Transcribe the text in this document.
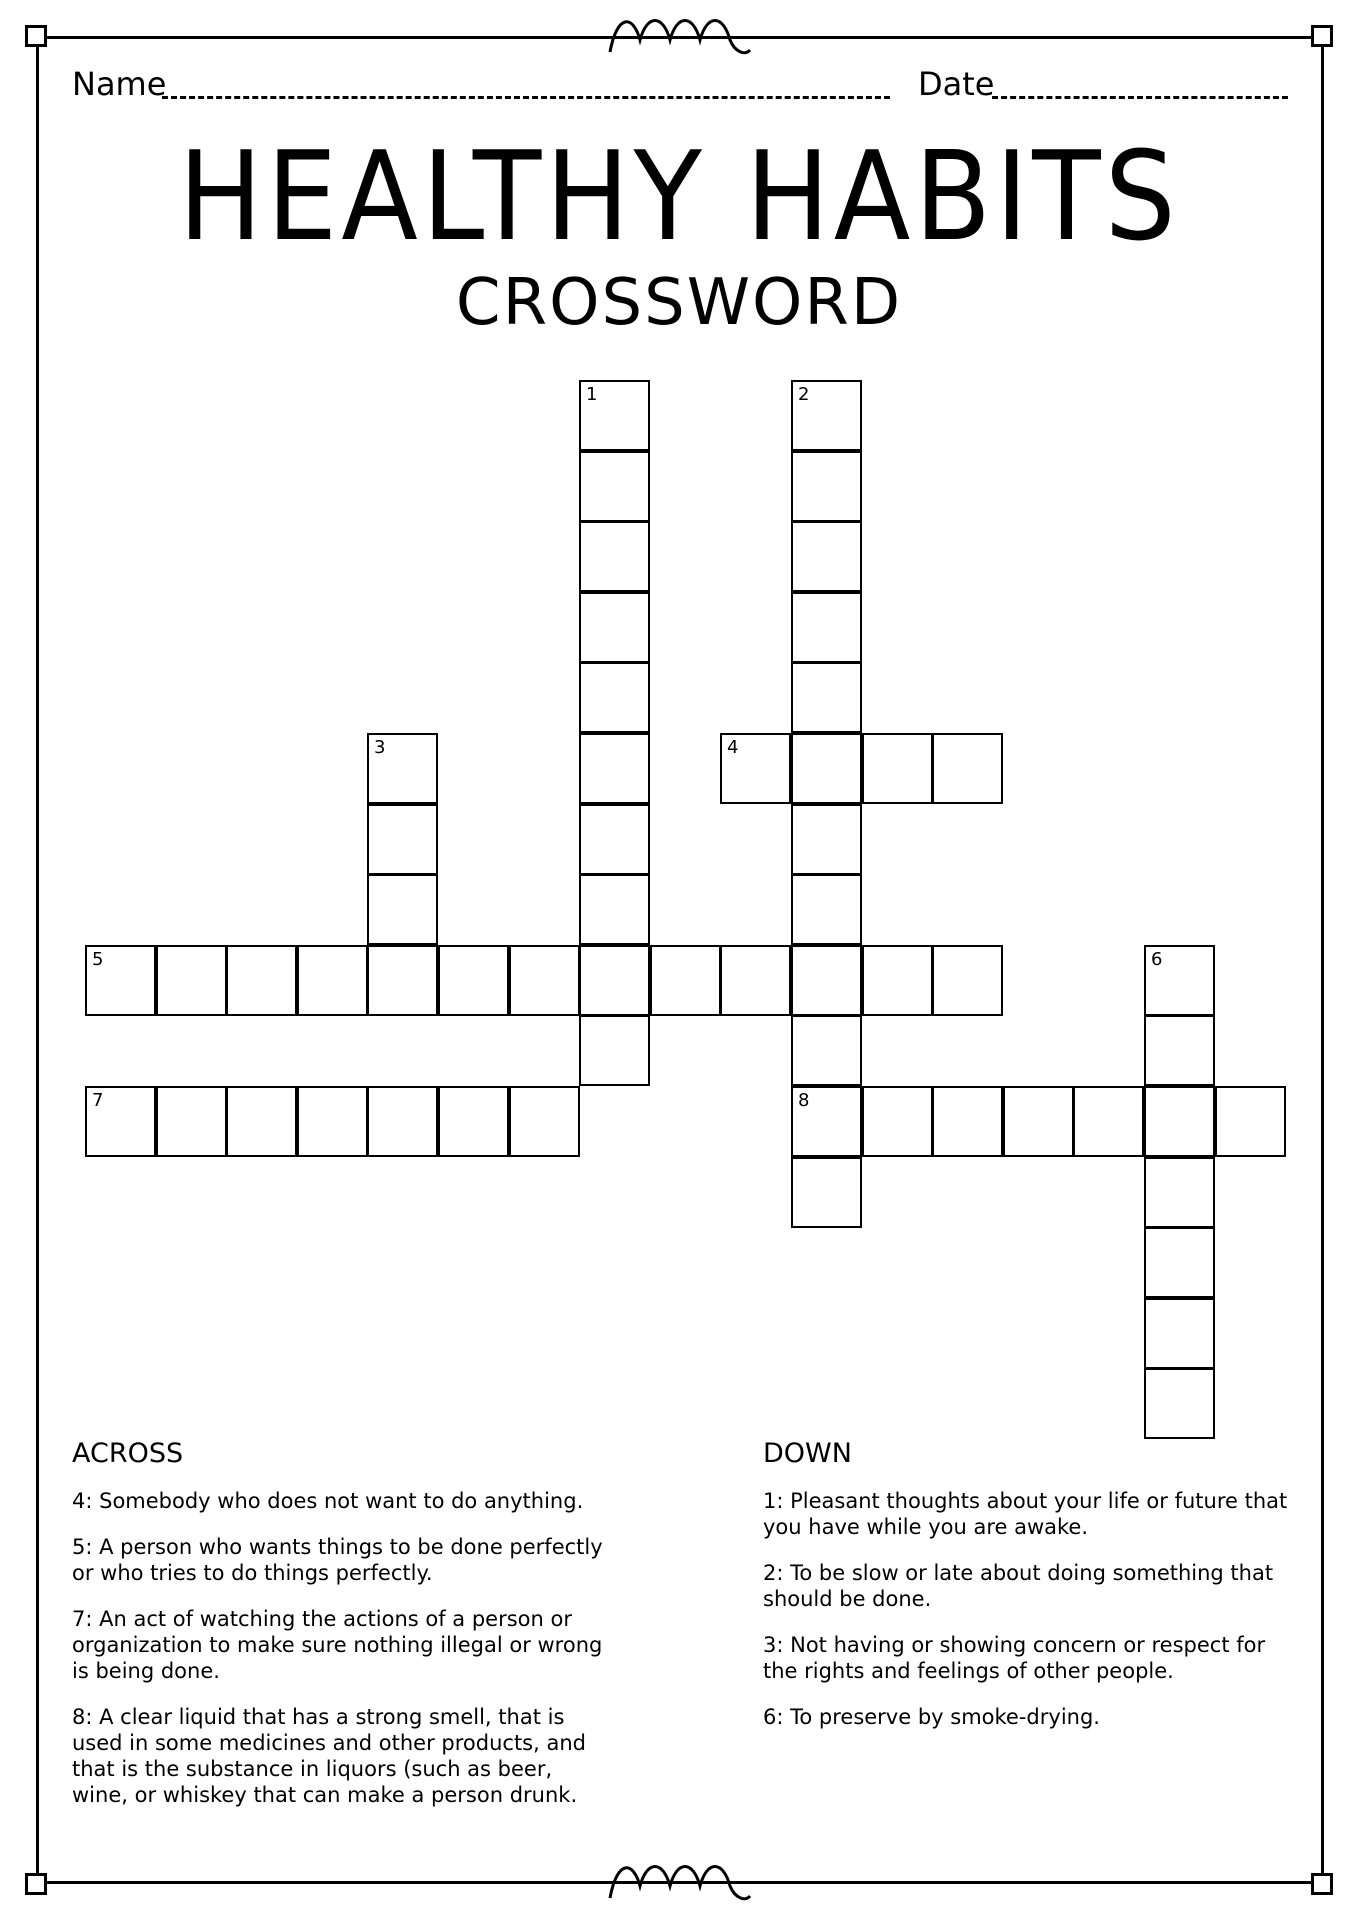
Name	Date
HEALTHY HABITS
CROSSWORD
1	2
3	4
5	6
7	8
ACROSS

4: Somebody who does not want to do anything.

5: A person who wants things to be done perfectly or who tries to do things perfectly.

7: An act of watching the actions of a person or organization to make sure nothing illegal or wrong is being done.

8: A clear liquid that has a strong smell, that is used in some medicines and other products, and that is the substance in liquors (such as beer, wine, or whiskey that can make a person drunk.

DOWN

1: Pleasant thoughts about your life or future that you have while you are awake.

2: To be slow or late about doing something that should be done.

3: Not having or showing concern or respect for the rights and feelings of other people.

6: To preserve by smoke-drying.
